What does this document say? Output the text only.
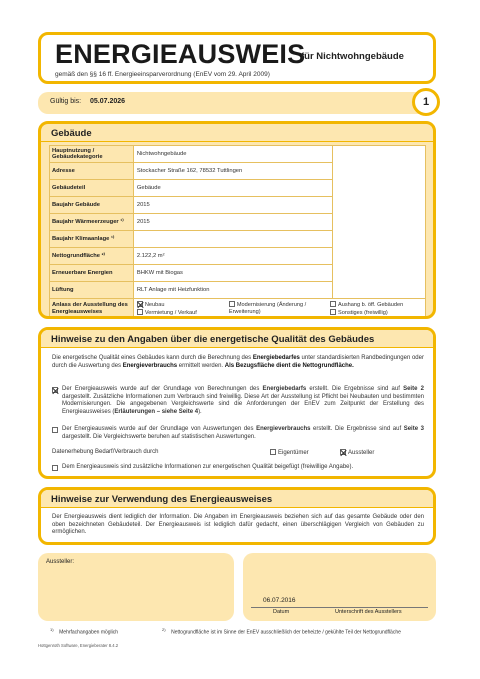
ENERGIEAUSWEIS
für Nichtwohngebäude
gemäß den §§ 16 ff. Energieeinsparverordnung (EnEV vom 29. April 2009)
Gültig bis: 05.07.2026	1
Gebäude
Hauptnutzung / Gebäudekategorie	Nichtwohngebäude	
Adresse	Stockacher Straße 162, 78532 Tuttlingen	
Gebäudeteil	Gebäude	
Baujahr Gebäude	2015	
Baujahr Wärmeerzeuger ¹⁾	2015	
Baujahr Klimaanlage ¹⁾		
Nettogrundfläche ²⁾	2.122,2 m²	
Erneuerbare Energien	BHKW mit Biogas	
Lüftung	RLT Anlage mit Heizfunktion	
Anlass der Ausstellung des Energieausweises	Neubau
Vermietung / Verkauf
Modernisierung (Änderung / Erweiterung)
Aushang b. öff. Gebäuden
Sonstiges (freiwillig)	
Hinweise zu den Angaben über die energetische Qualität des Gebäudes
Die energetische Qualität eines Gebäudes kann durch die Berechnung des Energiebedarfes unter standardisierten Randbedingungen oder durch die Auswertung des Energieverbrauchs ermittelt werden. Als Bezugsfläche dient die Nettogrundfläche.
Der Energieausweis wurde auf der Grundlage von Berechnungen des Energiebedarfs erstellt. Die Ergebnisse sind auf Seite 2 dargestellt. Zusätzliche Informationen zum Verbrauch sind freiwillig. Diese Art der Ausstellung ist Pflicht bei Neubauten und bestimmten Modernisierungen. Die angegebenen Vergleichswerte sind die Anforderungen der EnEV zum Zeitpunkt der Erstellung des Energieausweises (Erläuterungen – siehe Seite 4).
Der Energieausweis wurde auf der Grundlage von Auswertungen des Energieverbrauchs erstellt. Die Ergebnisse sind auf Seite 3 dargestellt. Die Vergleichswerte beruhen auf statistischen Auswertungen.
Datenerhebung Bedarf/Verbrauch durch	Eigentümer	Aussteller
Dem Energieausweis sind zusätzliche Informationen zur energetischen Qualität beigefügt (freiwillige Angabe).
Hinweise zur Verwendung des Energieausweises
Der Energieausweis dient lediglich der Information. Die Angaben im Energieausweis beziehen sich auf das gesamte Gebäude oder den oben bezeichneten Gebäudeteil. Der Energieausweis ist lediglich dafür gedacht, einen überschlägigen Vergleich von Gebäuden zu ermöglichen.
Aussteller:
06.07.2016
Datum	Unterschrift des Ausstellers
$^{1)}$    Mehrfachangaben möglich
$^{2)}$    Nettogrundfläche ist im Sinne der EnEV ausschließlich der beheizte / gekühlte Teil der Nettogrundfläche
Hottgenroth Software, Energieberater 8.4.2
